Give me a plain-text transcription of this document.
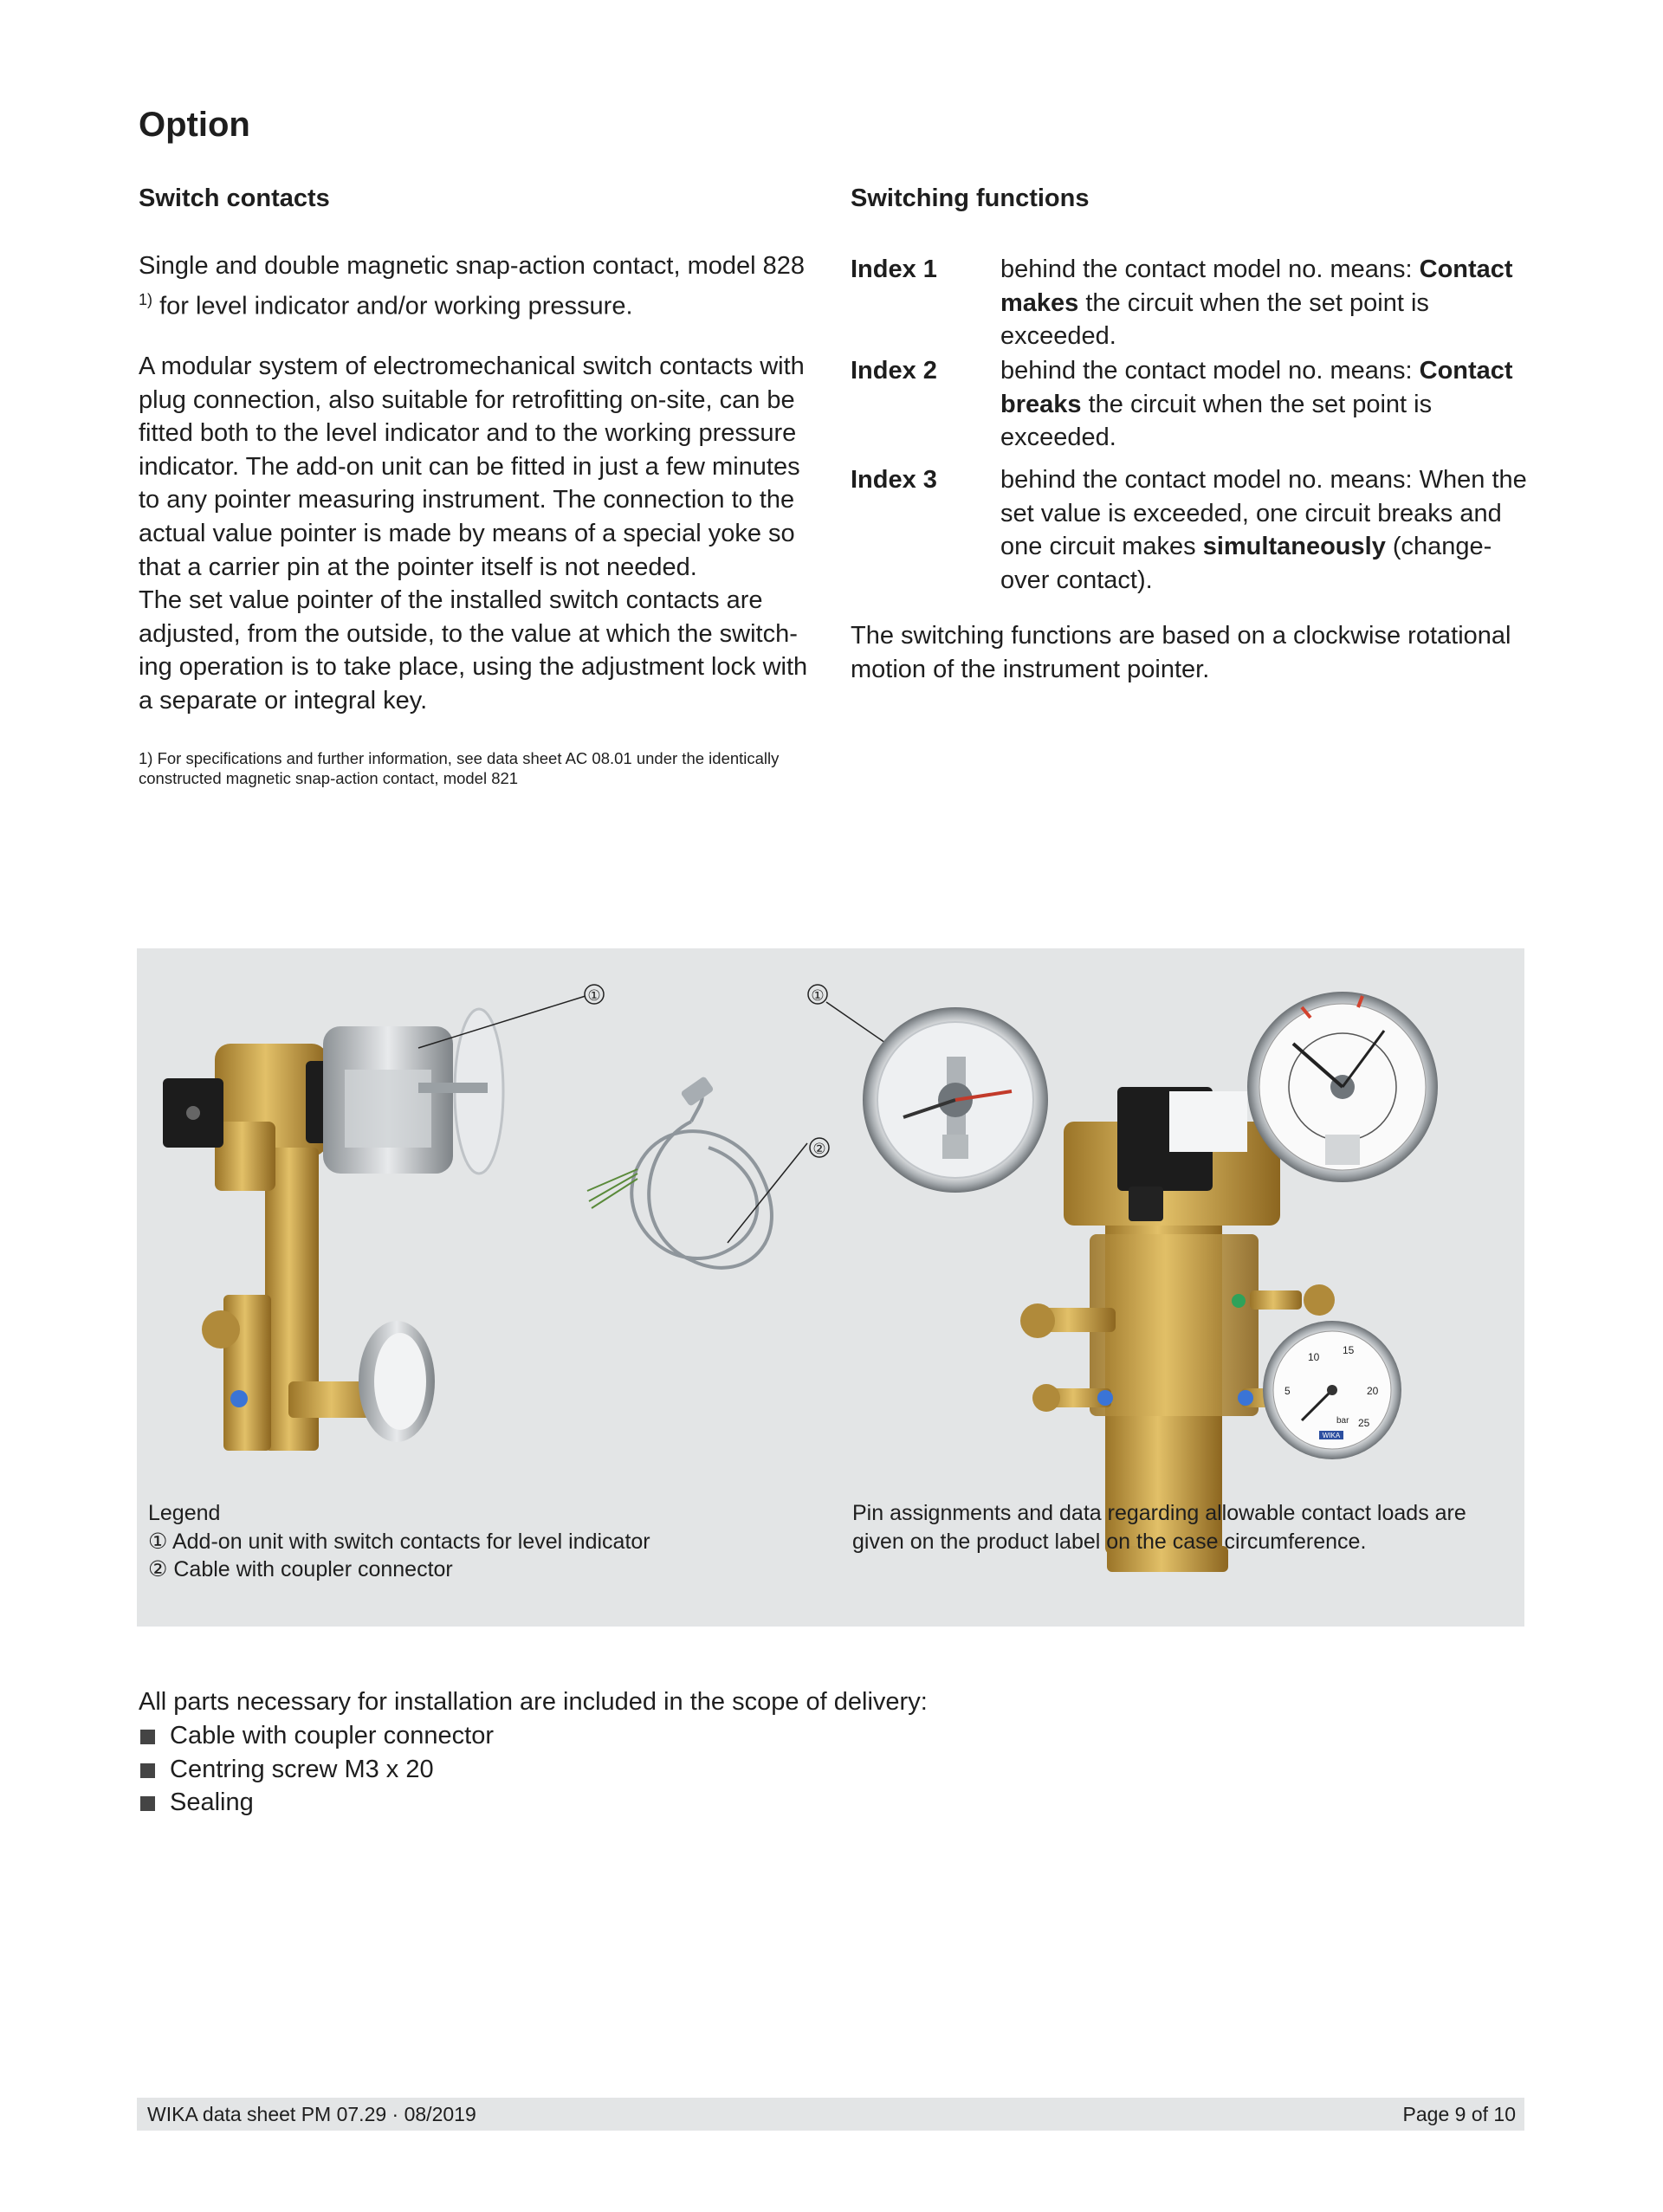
Option
Switch contacts

Single and double magnetic snap-action contact, model 828
$^{1)}$ for level indicator and/or working pressure.

A modular system of electromechanical switch contacts with plug connection, also suitable for retrofitting on-site, can be fitted both to the level indicator and to the working pressure indicator. The add-on unit can be fitted in just a few minutes to any pointer measuring instrument. The connection to the actual value pointer is made by means of a special yoke so that a carrier pin at the pointer itself is not needed.

The set value pointer of the installed switch contacts are adjusted, from the outside, to the value at which the switch-ing operation is to take place, using the adjustment lock with a separate or integral key.

1) For specifications and further information, see data sheet AC 08.01 under the identically constructed magnetic snap-action contact, model 821
Switching functions
Index 1	behind the contact model no. means: Contact makes the circuit when the set point is exceeded.
Index 2	behind the contact model no. means: Contact breaks the circuit when the set point is exceeded.
Index 3	behind the contact model no. means: When the set value is exceeded, one circuit breaks and one circuit makes simultaneously (change-over contact).

The switching functions are based on a clockwise rotational motion of the instrument pointer.

①
②
①
10
15
20
5
25
bar
WIKA
Legend
① Add-on unit with switch contacts for level indicator
② Cable with coupler connector
Pin assignments and data regarding allowable contact loads are given on the product label on the case circumference.

All parts necessary for installation are included in the scope of delivery:

Cable with coupler connector
Centring screw M3 x 20
Sealing
WIKA data sheet PM 07.29 · 08/2019	Page 9 of 10
